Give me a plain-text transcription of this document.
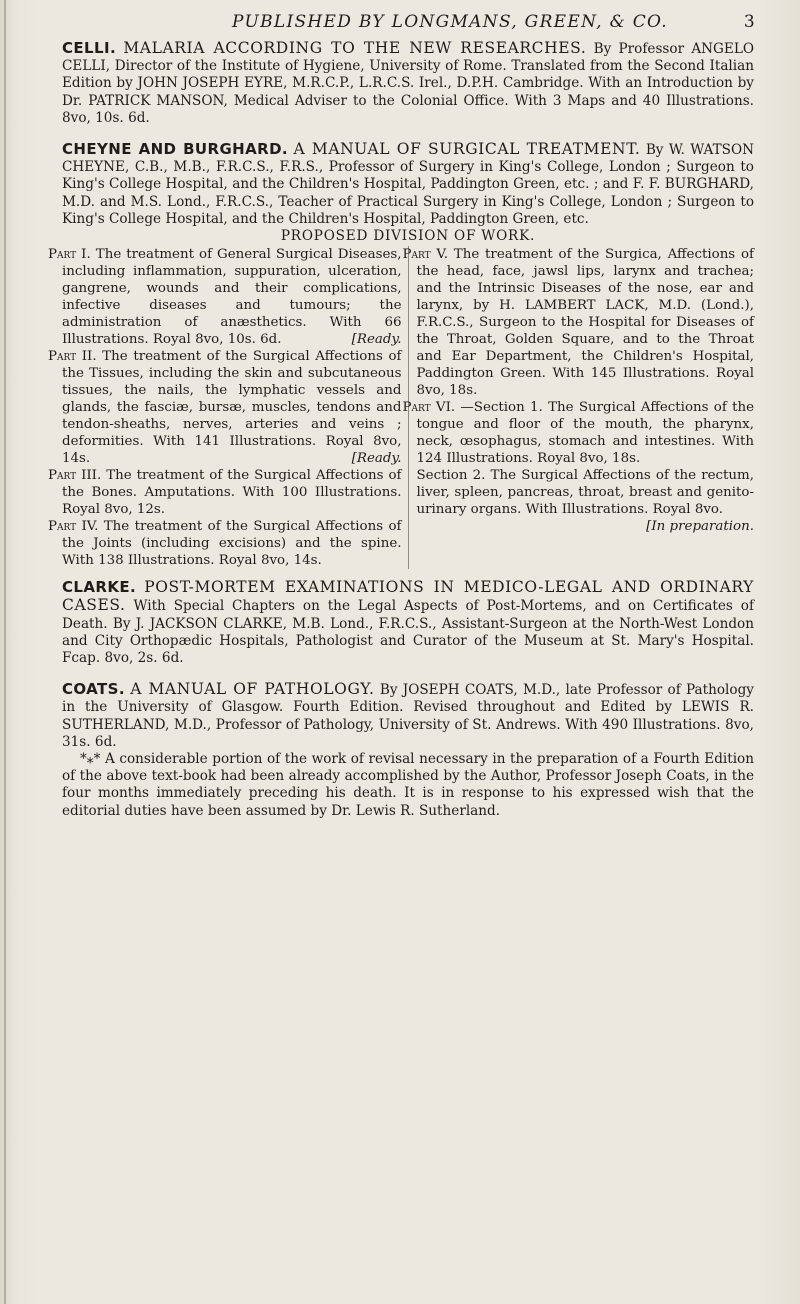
PUBLISHED BY LONGMANS, GREEN, & CO.	3

CELLI. MALARIA ACCORDING TO THE NEW RESEARCHES. By Professor ANGELO CELLI, Director of the Institute of Hygiene, University of Rome. Translated from the Second Italian Edition by JOHN JOSEPH EYRE, M.R.C.P., L.R.C.S. Irel., D.P.H. Cambridge. With an Introduction by Dr. PATRICK MANSON, Medical Adviser to the Colonial Office. With 3 Maps and 40 Illustrations. 8vo, 10s. 6d.

CHEYNE AND BURGHARD. A MANUAL OF SURGICAL TREATMENT. By W. WATSON CHEYNE, C.B., M.B., F.R.C.S., F.R.S., Professor of Surgery in King's College, London ; Surgeon to King's College Hospital, and the Children's Hospital, Paddington Green, etc. ; and F. F. BURGHARD, M.D. and M.S. Lond., F.R.C.S., Teacher of Practical Surgery in King's College, London ; Surgeon to King's College Hospital, and the Children's Hospital, Paddington Green, etc.

PROPOSED DIVISION OF WORK.

Part I. The treatment of General Surgical Diseases, including inflammation, suppuration, ulceration, gangrene, wounds and their complications, infective diseases and tumours; the administration of anæsthetics. With 66 Illustrations. Royal 8vo, 10s. 6d.	[Ready.

Part II. The treatment of the Surgical Affections of the Tissues, including the skin and subcutaneous tissues, the nails, the lymphatic vessels and glands, the fasciæ, bursæ, muscles, tendons and tendon-sheaths, nerves, arteries and veins ; deformities. With 141 Illustrations. Royal 8vo, 14s.	[Ready.

Part III. The treatment of the Surgical Affections of the Bones. Amputations. With 100 Illustrations. Royal 8vo, 12s.

Part IV. The treatment of the Surgical Affections of the Joints (including excisions) and the spine. With 138 Illustrations. Royal 8vo, 14s.

Part V. The treatment of the Surgica, Affections of the head, face, jawsl lips, larynx and trachea; and the Intrinsic Diseases of the nose, ear and larynx, by H. LAMBERT LACK, M.D. (Lond.), F.R.C.S., Surgeon to the Hospital for Diseases of the Throat, Golden Square, and to the Throat and Ear Department, the Children's Hospital, Paddington Green. With 145 Illustrations. Royal 8vo, 18s.

Part VI. —Section 1. The Surgical Affections of the tongue and floor of the mouth, the pharynx, neck, œsophagus, stomach and intestines. With 124 Illustrations. Royal 8vo, 18s.

Section 2. The Surgical Affections of the rectum, liver, spleen, pancreas, throat, breast and genito-urinary organs. With Illustrations. Royal 8vo.
[In preparation.

CLARKE. POST-MORTEM EXAMINATIONS IN MEDICO-LEGAL AND ORDINARY CASES. With Special Chapters on the Legal Aspects of Post-Mortems, and on Certificates of Death. By J. JACKSON CLARKE, M.B. Lond., F.R.C.S., Assistant-Surgeon at the North-West London and City Orthopædic Hospitals, Pathologist and Curator of the Museum at St. Mary's Hospital. Fcap. 8vo, 2s. 6d.

COATS. A MANUAL OF PATHOLOGY. By JOSEPH COATS, M.D., late Professor of Pathology in the University of Glasgow. Fourth Edition. Revised throughout and Edited by LEWIS R. SUTHERLAND, M.D., Professor of Pathology, University of St. Andrews. With 490 Illustrations. 8vo, 31s. 6d.

*⁎* A considerable portion of the work of revisal necessary in the preparation of a Fourth Edition of the above text-book had been already accomplished by the Author, Professor Joseph Coats, in the four months immediately preceding his death. It is in response to his expressed wish that the editorial duties have been assumed by Dr. Lewis R. Sutherland.
